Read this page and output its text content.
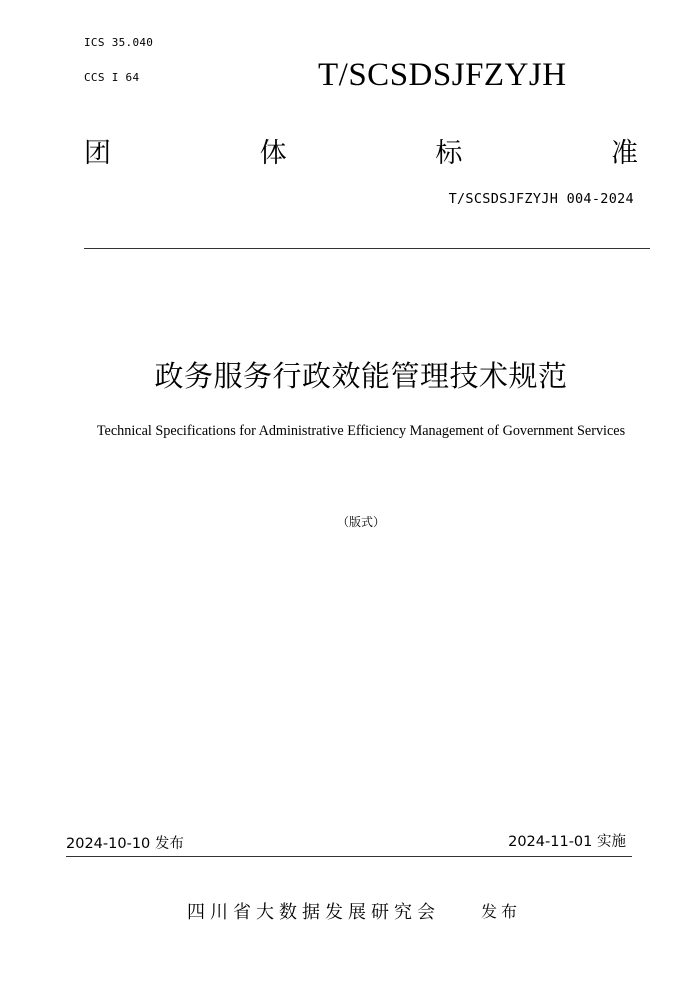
ICS 35.040
CCS I 64	T/SCSDSJFZYJH
团	体	标	准
T/SCSDSJFZYJH 004-2024
政务服务行政效能管理技术规范
Technical Specifications for Administrative Efficiency Management of Government Services
（版式）
2024-10-10 发布	2024-11-01 实施
四川省大数据发展研究会	发布
